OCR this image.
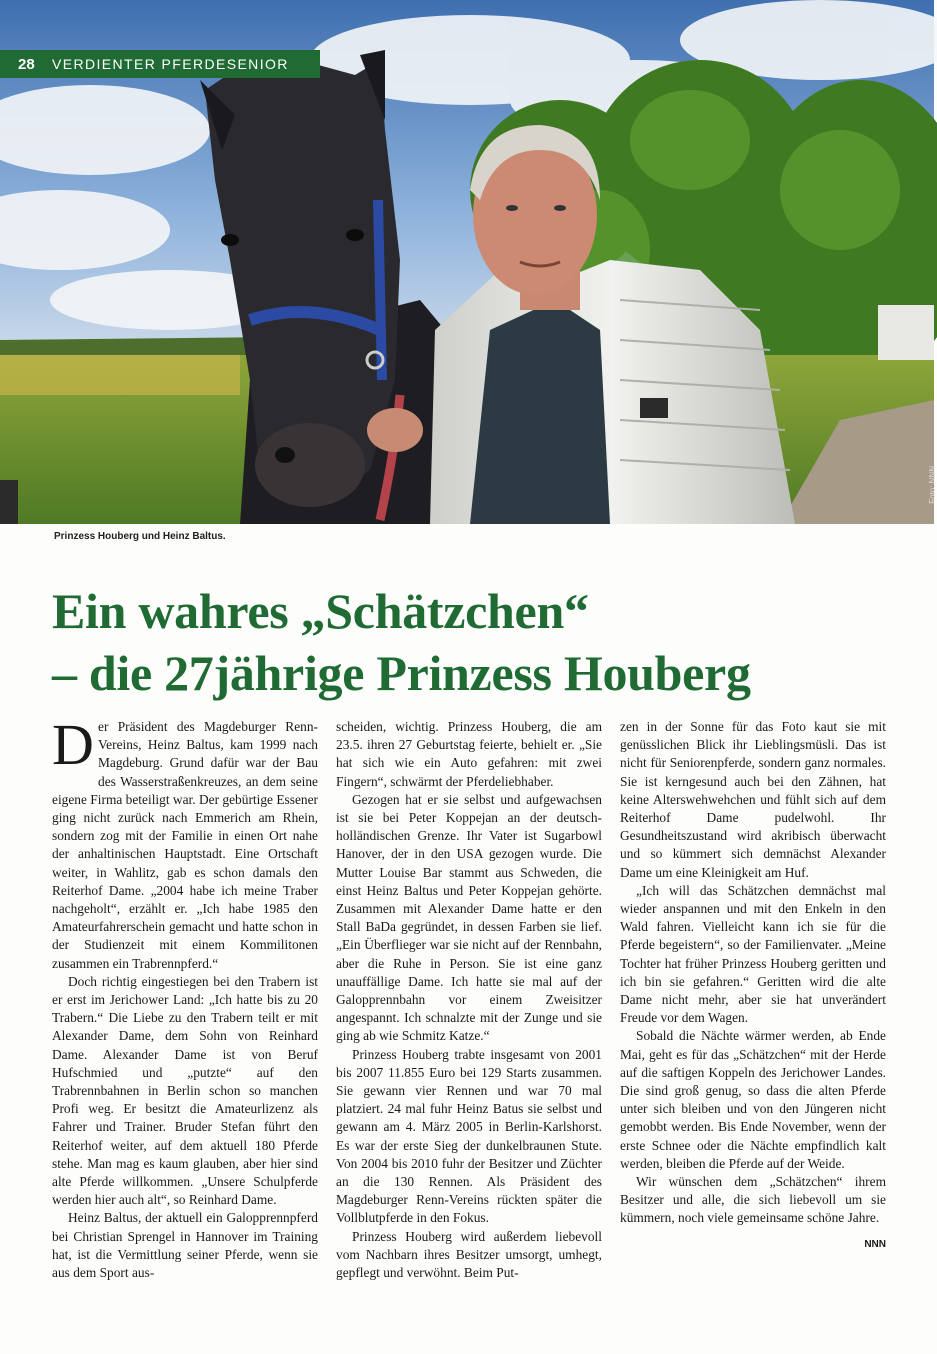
28	VERDIENTER PFERDESENIOR
Foto: NNN
Prinzess Houberg und Heinz Baltus.
Ein wahres „Schätzchen“
– die 27jährige Prinzess Houberg

Der Präsident des Magdeburger Renn-Vereins, Heinz Baltus, kam 1999 nach Magdeburg. Grund dafür war der Bau des Wasserstraßenkreuzes, an dem seine eigene Firma beteiligt war. Der gebürtige Essener ging nicht zurück nach Emmerich am Rhein, sondern zog mit der Familie in einen Ort nahe der anhaltinischen Hauptstadt. Eine Ortschaft weiter, in Wahlitz, gab es schon damals den Reiterhof Dame. „2004 habe ich meine Traber nachgeholt“, erzählt er. „Ich habe 1985 den Amateurfahrerschein gemacht und hatte schon in der Studienzeit mit einem Kommilitonen zusammen ein Trabrennpferd.“

Doch richtig eingestiegen bei den Trabern ist er erst im Jerichower Land: „Ich hatte bis zu 20 Trabern.“ Die Liebe zu den Trabern teilt er mit Alexander Dame, dem Sohn von Reinhard Dame. Alexander Dame ist von Beruf Hufschmied und „putzte“ auf den Trabrennbahnen in Berlin schon so manchen Profi weg. Er besitzt die Amateurlizenz als Fahrer und Trainer. Bruder Stefan führt den Reiterhof weiter, auf dem aktuell 180 Pferde stehe. Man mag es kaum glauben, aber hier sind alte Pferde willkommen. „Unsere Schulpferde werden hier auch alt“, so Reinhard Dame.

Heinz Baltus, der aktuell ein Galopprennpferd bei Christian Sprengel in Hannover im Training hat, ist die Vermittlung seiner Pferde, wenn sie aus dem Sport aus-

scheiden, wichtig. Prinzess Houberg, die am 23.5. ihren 27 Geburtstag feierte, behielt er. „Sie hat sich wie ein Auto gefahren: mit zwei Fingern“, schwärmt der Pferdeliebhaber.

Gezogen hat er sie selbst und aufgewachsen ist sie bei Peter Koppejan an der deutsch-holländischen Grenze. Ihr Vater ist Sugarbowl Hanover, der in den USA gezogen wurde. Die Mutter Louise Bar stammt aus Schweden, die einst Heinz Baltus und Peter Koppejan gehörte. Zusammen mit Alexander Dame hatte er den Stall BaDa gegründet, in dessen Farben sie lief. „Ein Überflieger war sie nicht auf der Rennbahn, aber die Ruhe in Person. Sie ist eine ganz unauffällige Dame. Ich hatte sie mal auf der Galopprennbahn vor einem Zweisitzer angespannt. Ich schnalzte mit der Zunge und sie ging ab wie Schmitz Katze.“

Prinzess Houberg trabte insgesamt von 2001 bis 2007 11.855 Euro bei 129 Starts zusammen. Sie gewann vier Rennen und war 70 mal platziert. 24 mal fuhr Heinz Batus sie selbst und gewann am 4. März 2005 in Berlin-Karlshorst. Es war der erste Sieg der dunkelbraunen Stute. Von 2004 bis 2010 fuhr der Besitzer und Züchter an die 130 Rennen. Als Präsident des Magdeburger Renn-Vereins rückten später die Vollblutpferde in den Fokus.

Prinzess Houberg wird außerdem liebevoll vom Nachbarn ihres Besitzer umsorgt, umhegt, gepflegt und verwöhnt. Beim Put-

zen in der Sonne für das Foto kaut sie mit genüsslichen Blick ihr Lieblingsmüsli. Das ist nicht für Seniorenpferde, sondern ganz normales. Sie ist kerngesund auch bei den Zähnen, hat keine Alterswehwehchen und fühlt sich auf dem Reiterhof Dame pudelwohl. Ihr Gesundheitszustand wird akribisch überwacht und so kümmert sich demnächst Alexander Dame um eine Kleinigkeit am Huf.

„Ich will das Schätzchen demnächst mal wieder anspannen und mit den Enkeln in den Wald fahren. Vielleicht kann ich sie für die Pferde begeistern“, so der Familienvater. „Meine Tochter hat früher Prinzess Houberg geritten und ich bin sie gefahren.“ Geritten wird die alte Dame nicht mehr, aber sie hat unverändert Freude vor dem Wagen.

Sobald die Nächte wärmer werden, ab Ende Mai, geht es für das „Schätzchen“ mit der Herde auf die saftigen Koppeln des Jerichower Landes. Die sind groß genug, so dass die alten Pferde unter sich bleiben und von den Jüngeren nicht gemobbt werden. Bis Ende November, wenn der erste Schnee oder die Nächte empfindlich kalt werden, bleiben die Pferde auf der Weide.

Wir wünschen dem „Schätzchen“ ihrem Besitzer und alle, die sich liebevoll um sie kümmern, noch viele gemeinsame schöne Jahre.

NNN
